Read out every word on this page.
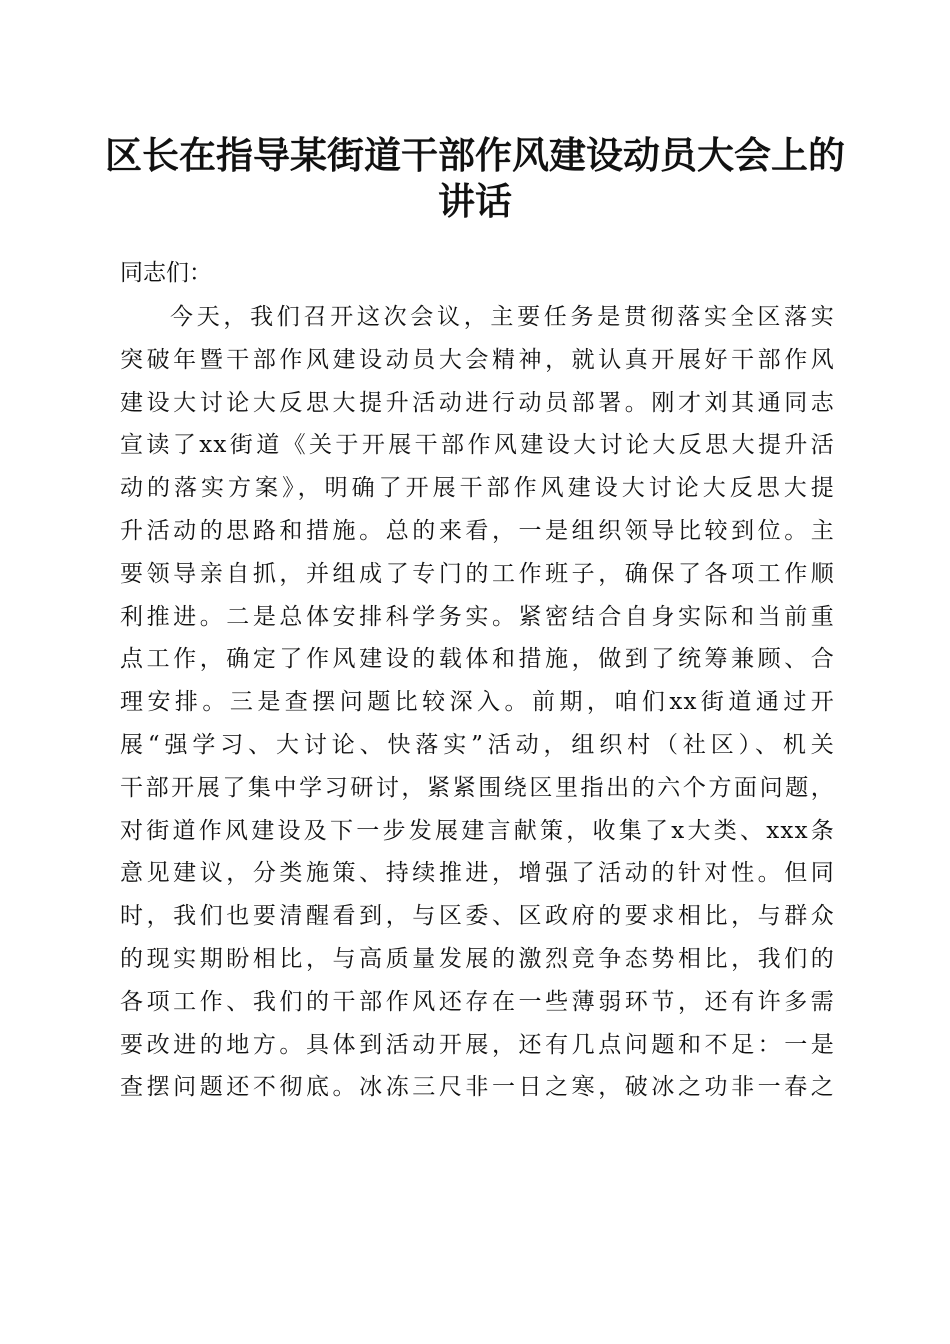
区长在指导某街道干部作风建设动员大会上的
讲话

同志们：

今天，我们召开这次会议，主要任务是贯彻落实全区落实
突破年暨干部作风建设动员大会精神，就认真开展好干部作风
建设大讨论大反思大提升活动进行动员部署。刚才刘其通同志
宣读了xx街道《关于开展干部作风建设大讨论大反思大提升活
动的落实方案》，明确了开展干部作风建设大讨论大反思大提
升活动的思路和措施。总的来看，一是组织领导比较到位。主
要领导亲自抓，并组成了专门的工作班子，确保了各项工作顺
利推进。二是总体安排科学务实。紧密结合自身实际和当前重
点工作，确定了作风建设的载体和措施，做到了统筹兼顾、合
理安排。三是查摆问题比较深入。前期，咱们xx街道通过开
展“强学习、大讨论、快落实”活动，组织村（社区）、机关
干部开展了集中学习研讨，紧紧围绕区里指出的六个方面问题，
对街道作风建设及下一步发展建言献策，收集了x大类、xxx条
意见建议，分类施策、持续推进，增强了活动的针对性。但同
时，我们也要清醒看到，与区委、区政府的要求相比，与群众
的现实期盼相比，与高质量发展的激烈竞争态势相比，我们的
各项工作、我们的干部作风还存在一些薄弱环节，还有许多需
要改进的地方。具体到活动开展，还有几点问题和不足：一是
查摆问题还不彻底。冰冻三尺非一日之寒，破冰之功非一春之
